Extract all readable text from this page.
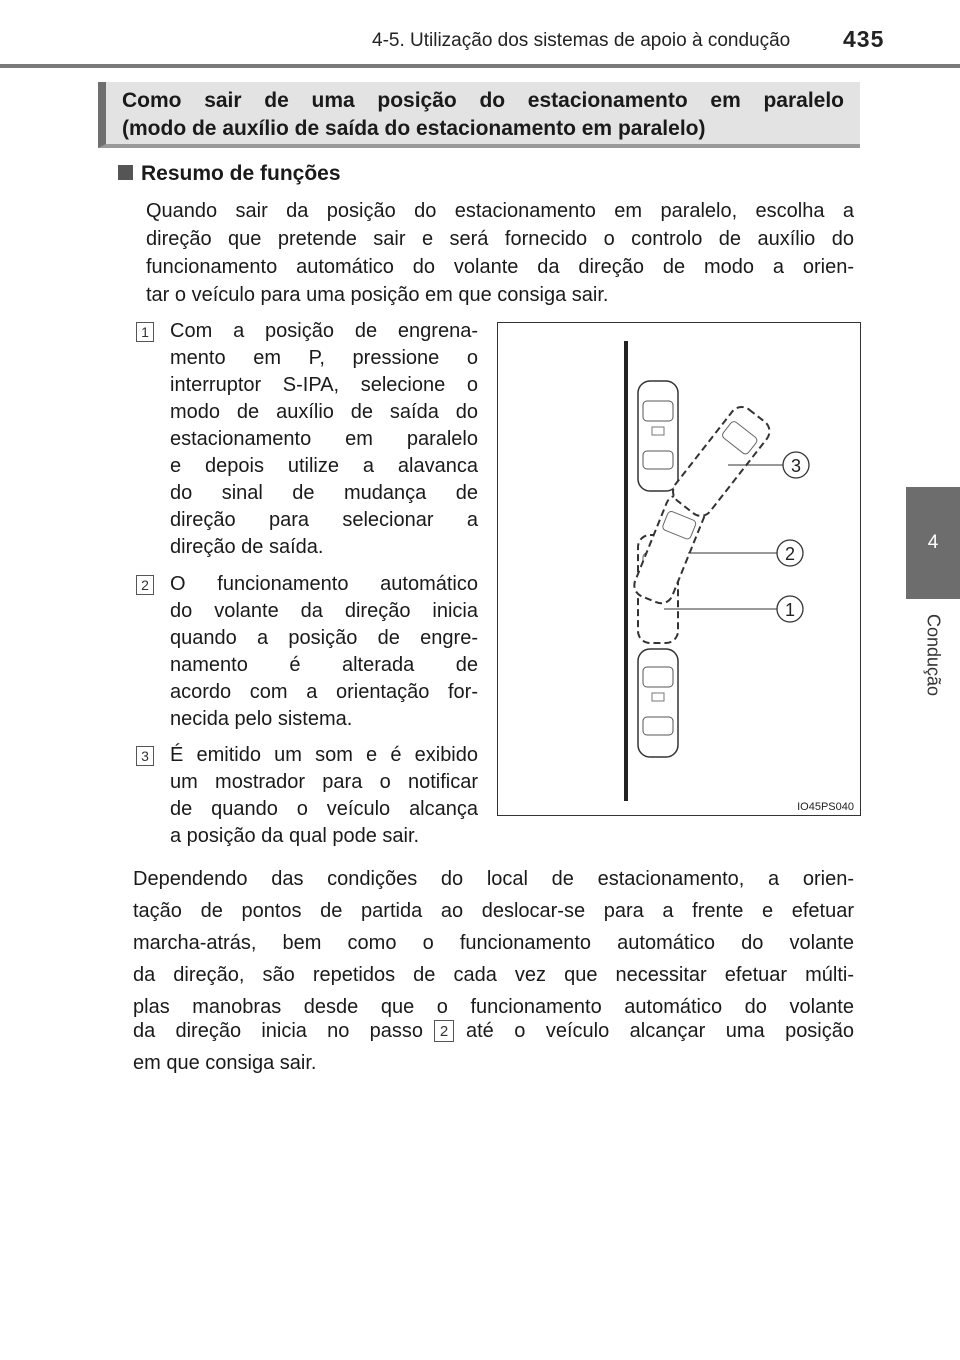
4-5. Utilização dos sistemas de apoio à condução 435
4
Condução
Como sair de uma posição do estacionamento em paralelo
(modo de auxílio de saída do estacionamento em paralelo)
Resumo de funções
Quando sair da posição do estacionamento em paralelo, escolha a
direção que pretende sair e será fornecido o controlo de auxílio do
funcionamento automático do volante da direção de modo a orien-
tar o veículo para uma posição em que consiga sair.
1 Com a posição de engrena-
mento em P, pressione o
interruptor S-IPA, selecione o
modo de auxílio de saída do
estacionamento em paralelo
e depois utilize a alavanca
do sinal de mudança de
direção para selecionar a
direção de saída.
2 O funcionamento automático
do volante da direção inicia
quando a posição de engre-
namento é alterada de
acordo com a orientação for-
necida pelo sistema.
3 É emitido um som e é exibido
um mostrador para o notificar
de quando o veículo alcança
a posição da qual pode sair.
3
2
1
IO45PS040
Dependendo das condições do local de estacionamento, a orien-
tação de pontos de partida ao deslocar-se para a frente e efetuar
marcha-atrás, bem como o funcionamento automático do volante
da direção, são repetidos de cada vez que necessitar efetuar múlti-
plas manobras desde que o funcionamento automático do volante
da direção inicia no passo 2 até o veículo alcançar uma posição
em que consiga sair.
